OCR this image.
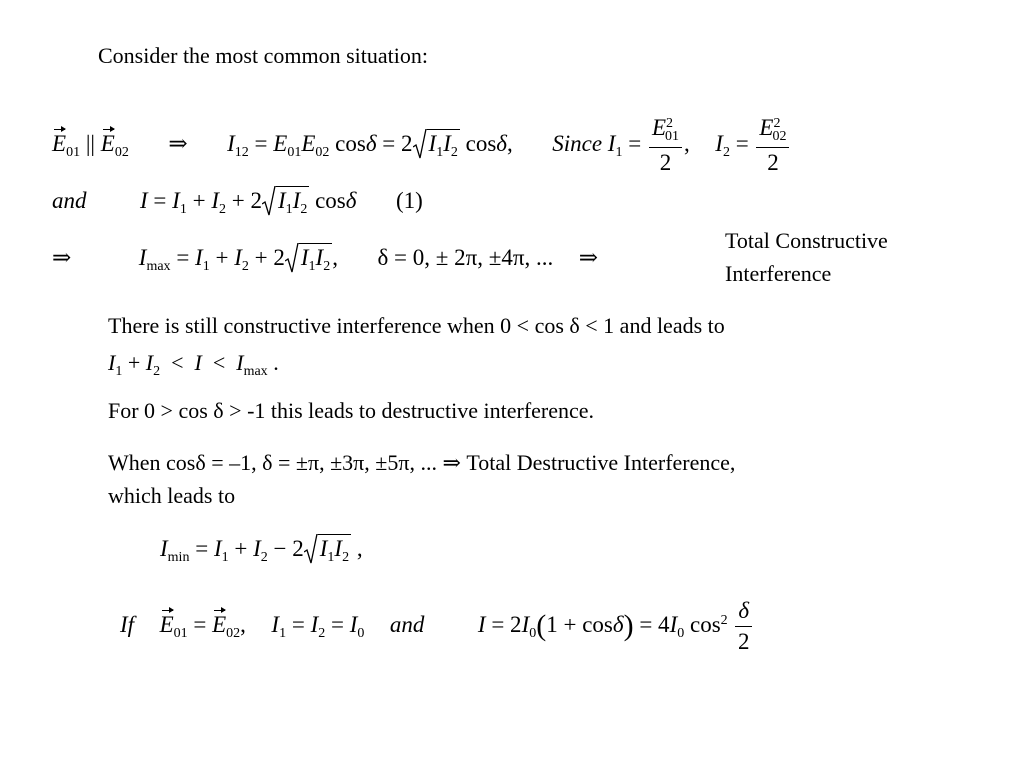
Consider the most common situation:
$E_{01}$ || $E_{02}$ ⇒ $I_{12} = E_{01}E_{02}$ cosδ = 2 $I_1I_2$ cosδ, Since $I_1 = \frac{E^2_{01}}{2}$ , $I_2 = \frac{E^2_{02}}{2}$
and $I = I_1 + I_2 + 2$ $I_1I_2$ cosδ (1)
⇒	$I_{max} = I_1 + I_2 + 2$ $I_1I_2$,  δ = 0, ± 2π, ±4π, ... ⇒
Total Constructive
Interference
There is still constructive interference when 0 < cos δ < 1 and leads to
$I_1 + I_2 < I < I_{max}$ .
For 0 > cos δ > -1 this leads to destructive interference.
When cosδ = –1, δ = ±π, ±3π, ±5π, ... ⇒ Total Destructive Interference,
which leads to
$I_{min} = I_1 + I_2 - 2$ $I_1I_2$ ,
If $E_{01} = E_{02}$,  $I_1 = I_2 = I_0$ and $I = 2I_0(1 + \cos\delta) = 4I_0$ $\cos^2 \frac{\delta}{2}$
